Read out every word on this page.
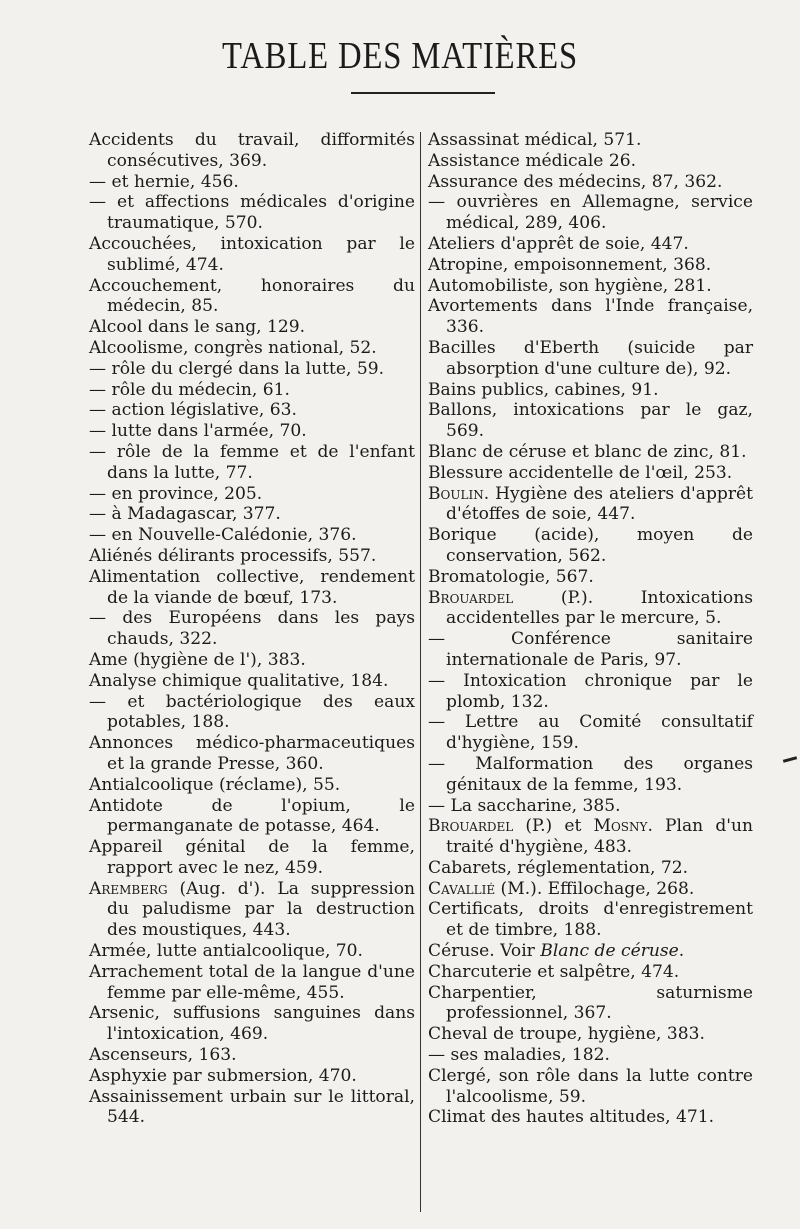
TABLE DES MATIÈRES

Accidents du travail, difformités consécutives, 369.

— et hernie, 456.

— et affections médicales d'origine traumatique, 570.

Accouchées, intoxication par le sublimé, 474.

Accouchement, honoraires du médecin, 85.

Alcool dans le sang, 129.

Alcoolisme, congrès national, 52.

— rôle du clergé dans la lutte, 59.

— rôle du médecin, 61.

— action législative, 63.

— lutte dans l'armée, 70.

— rôle de la femme et de l'enfant dans la lutte, 77.

— en province, 205.

— à Madagascar, 377.

— en Nouvelle-Calédonie, 376.

Aliénés délirants processifs, 557.

Alimentation collective, rendement de la viande de bœuf, 173.

— des Européens dans les pays chauds, 322.

Ame (hygiène de l'), 383.

Analyse chimique qualitative, 184.

— et bactériologique des eaux potables, 188.

Annonces médico-pharmaceutiques et la grande Presse, 360.

Antialcoolique (réclame), 55.

Antidote de l'opium, le permanganate de potasse, 464.

Appareil génital de la femme, rapport avec le nez, 459.

Aremberg (Aug. d'). La suppression du paludisme par la destruction des moustiques, 443.

Armée, lutte antialcoolique, 70.

Arrachement total de la langue d'une femme par elle-même, 455.

Arsenic, suffusions sanguines dans l'intoxication, 469.

Ascenseurs, 163.

Asphyxie par submersion, 470.

Assainissement urbain sur le littoral, 544.

Assassinat médical, 571.

Assistance médicale 26.

Assurance des médecins, 87, 362.

— ouvrières en Allemagne, service médical, 289, 406.

Ateliers d'apprêt de soie, 447.

Atropine, empoisonnement, 368.

Automobiliste, son hygiène, 281.

Avortements dans l'Inde française, 336.

Bacilles d'Eberth (suicide par absorption d'une culture de), 92.

Bains publics, cabines, 91.

Ballons, intoxications par le gaz, 569.

Blanc de céruse et blanc de zinc, 81.

Blessure accidentelle de l'œil, 253.

Boulin. Hygiène des ateliers d'apprêt d'étoffes de soie, 447.

Borique (acide), moyen de conservation, 562.

Bromatologie, 567.

Brouardel (P.). Intoxications accidentelles par le mercure, 5.

— Conférence sanitaire internationale de Paris, 97.

— Intoxication chronique par le plomb, 132.

— Lettre au Comité consultatif d'hygiène, 159.

— Malformation des organes génitaux de la femme, 193.

— La saccharine, 385.

Brouardel (P.) et Mosny. Plan d'un traité d'hygiène, 483.

Cabarets, réglementation, 72.

Cavallié (M.). Effilochage, 268.

Certificats, droits d'enregistrement et de timbre, 188.

Céruse. Voir Blanc de céruse.

Charcuterie et salpêtre, 474.

Charpentier, saturnisme professionnel, 367.

Cheval de troupe, hygiène, 383.

— ses maladies, 182.

Clergé, son rôle dans la lutte contre l'alcoolisme, 59.

Climat des hautes altitudes, 471.
